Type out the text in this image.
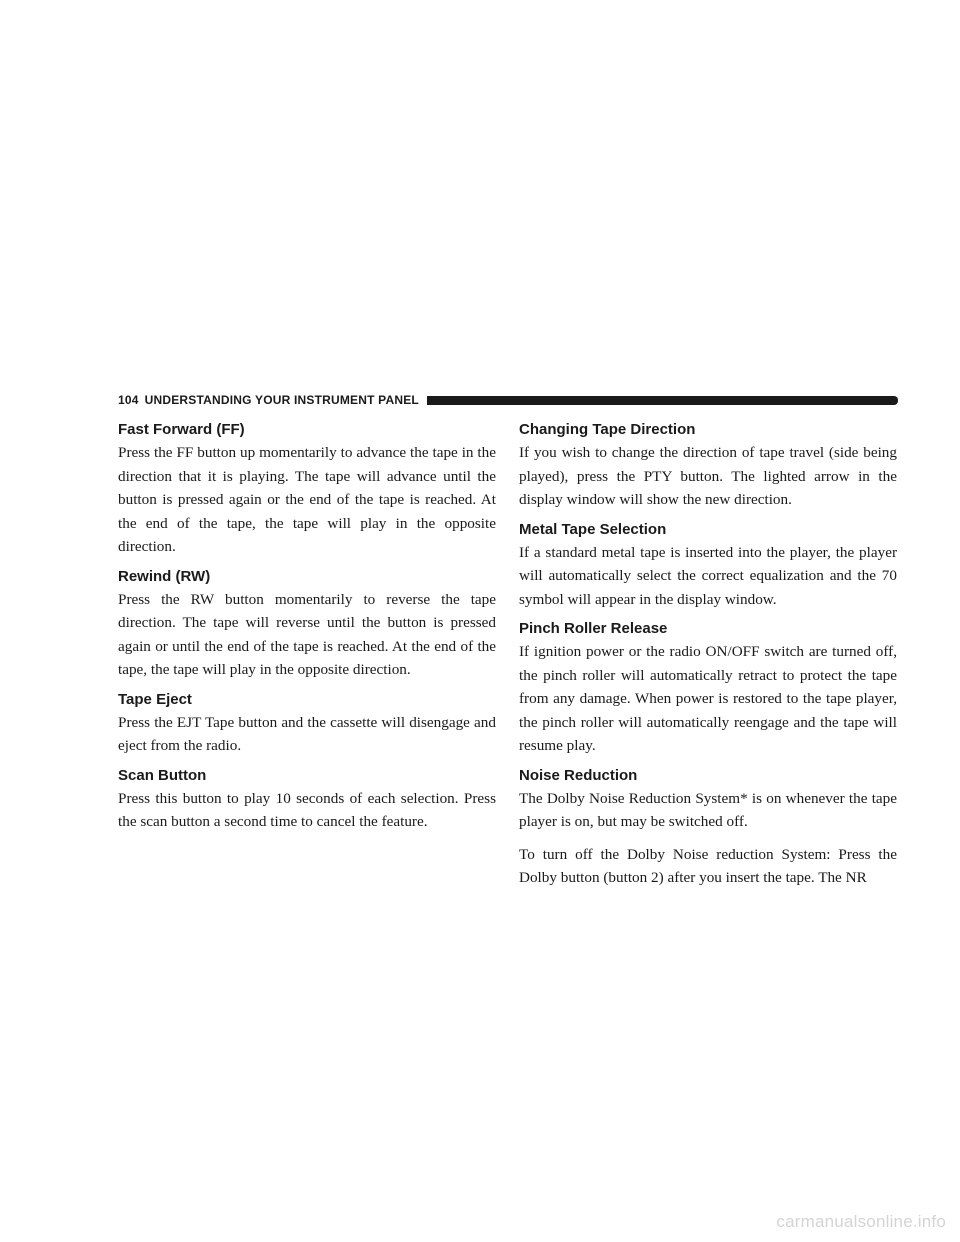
104 UNDERSTANDING YOUR INSTRUMENT PANEL
Fast Forward (FF)

Press the FF button up momentarily to advance the tape in the direction that it is playing. The tape will advance until the button is pressed again or the end of the tape is reached. At the end of the tape, the tape will play in the opposite direction.

Rewind (RW)

Press the RW button momentarily to reverse the tape direction. The tape will reverse until the button is pressed again or until the end of the tape is reached. At the end of the tape, the tape will play in the opposite direction.

Tape Eject

Press the EJT Tape button and the cassette will disengage and eject from the radio.

Scan Button

Press this button to play 10 seconds of each selection. Press the scan button a second time to cancel the feature.

Changing Tape Direction

If you wish to change the direction of tape travel (side being played), press the PTY button. The lighted arrow in the display window will show the new direction.

Metal Tape Selection

If a standard metal tape is inserted into the player, the player will automatically select the correct equalization and the 70 symbol will appear in the display window.

Pinch Roller Release

If ignition power or the radio ON/OFF switch are turned off, the pinch roller will automatically retract to protect the tape from any damage. When power is restored to the tape player, the pinch roller will automatically reengage and the tape will resume play.

Noise Reduction

The Dolby Noise Reduction System* is on whenever the tape player is on, but may be switched off.

To turn off the Dolby Noise reduction System: Press the Dolby button (button 2) after you insert the tape. The NR

carmanualsonline.info
